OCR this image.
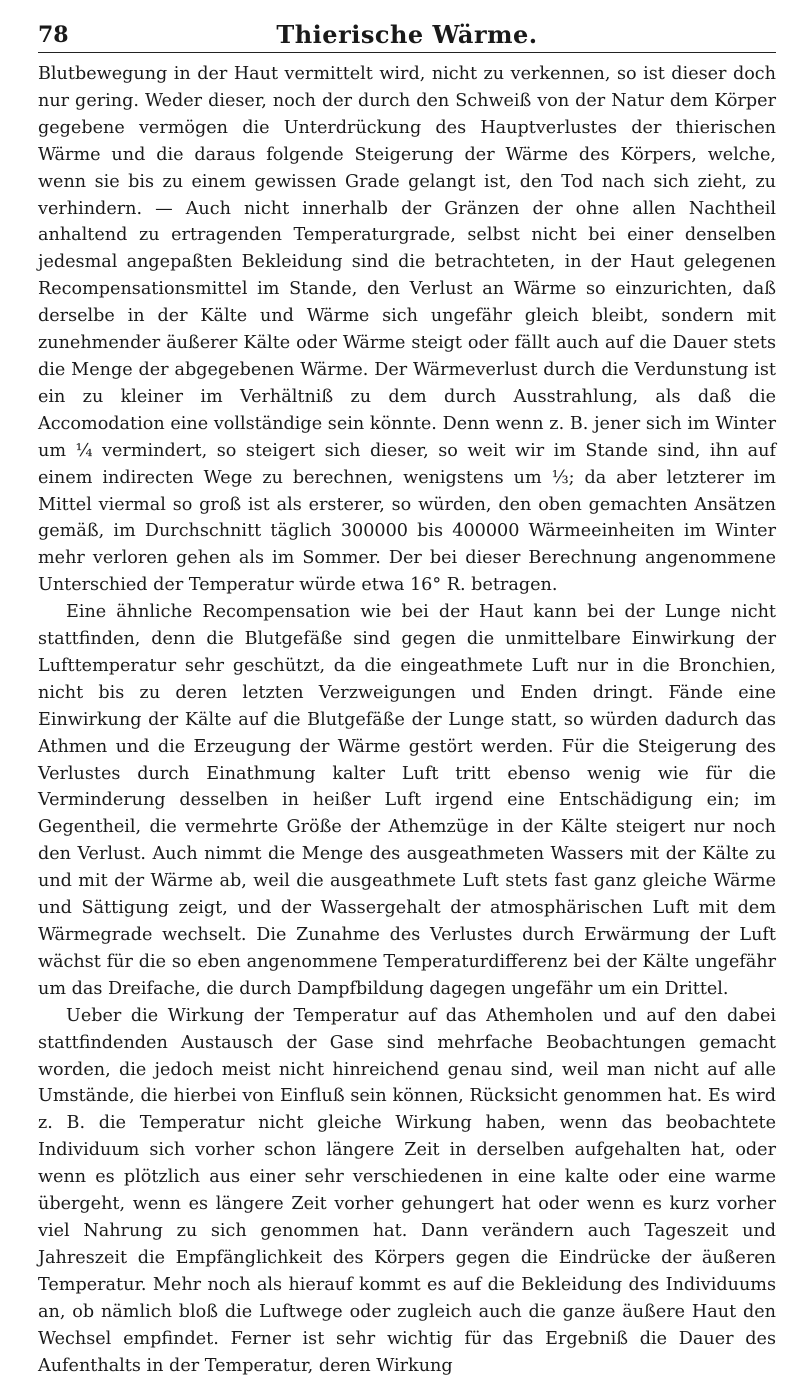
78	Thierische Wärme.

Blutbewegung in der Haut vermittelt wird, nicht zu verkennen, so ist dieser doch nur gering. Weder dieser, noch der durch den Schweiß von der Natur dem Körper gegebene vermögen die Unterdrückung des Hauptverlustes der thierischen Wärme und die daraus folgende Steigerung der Wärme des Körpers, welche, wenn sie bis zu einem gewissen Grade gelangt ist, den Tod nach sich zieht, zu verhindern. — Auch nicht innerhalb der Gränzen der ohne allen Nachtheil anhaltend zu ertragenden Temperaturgrade, selbst nicht bei einer denselben jedesmal angepaßten Bekleidung sind die betrachteten, in der Haut gelegenen Recompensationsmittel im Stande, den Verlust an Wärme so einzurichten, daß derselbe in der Kälte und Wärme sich ungefähr gleich bleibt, sondern mit zunehmender äußerer Kälte oder Wärme steigt oder fällt auch auf die Dauer stets die Menge der abgegebenen Wärme. Der Wärmeverlust durch die Verdunstung ist ein zu kleiner im Verhältniß zu dem durch Ausstrahlung, als daß die Accomodation eine vollständige sein könnte. Denn wenn z. B. jener sich im Winter um ¼ vermindert, so steigert sich dieser, so weit wir im Stande sind, ihn auf einem indirecten Wege zu berechnen, wenigstens um ⅓; da aber letzterer im Mittel viermal so groß ist als ersterer, so würden, den oben gemachten Ansätzen gemäß, im Durchschnitt täglich 300000 bis 400000 Wärmeeinheiten im Winter mehr verloren gehen als im Sommer. Der bei dieser Berechnung angenommene Unterschied der Temperatur würde etwa 16° R. betragen.

Eine ähnliche Recompensation wie bei der Haut kann bei der Lunge nicht stattfinden, denn die Blutgefäße sind gegen die unmittelbare Einwirkung der Lufttemperatur sehr geschützt, da die eingeathmete Luft nur in die Bronchien, nicht bis zu deren letzten Verzweigungen und Enden dringt. Fände eine Einwirkung der Kälte auf die Blutgefäße der Lunge statt, so würden dadurch das Athmen und die Erzeugung der Wärme gestört werden. Für die Steigerung des Verlustes durch Einathmung kalter Luft tritt ebenso wenig wie für die Verminderung desselben in heißer Luft irgend eine Entschädigung ein; im Gegentheil, die vermehrte Größe der Athemzüge in der Kälte steigert nur noch den Verlust. Auch nimmt die Menge des ausgeathmeten Wassers mit der Kälte zu und mit der Wärme ab, weil die ausgeathmete Luft stets fast ganz gleiche Wärme und Sättigung zeigt, und der Wassergehalt der atmosphärischen Luft mit dem Wärmegrade wechselt. Die Zunahme des Verlustes durch Erwärmung der Luft wächst für die so eben angenommene Temperaturdifferenz bei der Kälte ungefähr um das Dreifache, die durch Dampfbildung dagegen ungefähr um ein Drittel.

Ueber die Wirkung der Temperatur auf das Athemholen und auf den dabei stattfindenden Austausch der Gase sind mehrfache Beobachtungen gemacht worden, die jedoch meist nicht hinreichend genau sind, weil man nicht auf alle Umstände, die hierbei von Einfluß sein können, Rücksicht genommen hat. Es wird z. B. die Temperatur nicht gleiche Wirkung haben, wenn das beobachtete Individuum sich vorher schon längere Zeit in derselben aufgehalten hat, oder wenn es plötzlich aus einer sehr verschiedenen in eine kalte oder eine warme übergeht, wenn es längere Zeit vorher gehungert hat oder wenn es kurz vorher viel Nahrung zu sich genommen hat. Dann verändern auch Tageszeit und Jahreszeit die Empfänglichkeit des Körpers gegen die Eindrücke der äußeren Temperatur. Mehr noch als hierauf kommt es auf die Bekleidung des Individuums an, ob nämlich bloß die Luftwege oder zugleich auch die ganze äußere Haut den Wechsel empfindet. Ferner ist sehr wichtig für das Ergebniß die Dauer des Aufenthalts in der Temperatur, deren Wirkung
